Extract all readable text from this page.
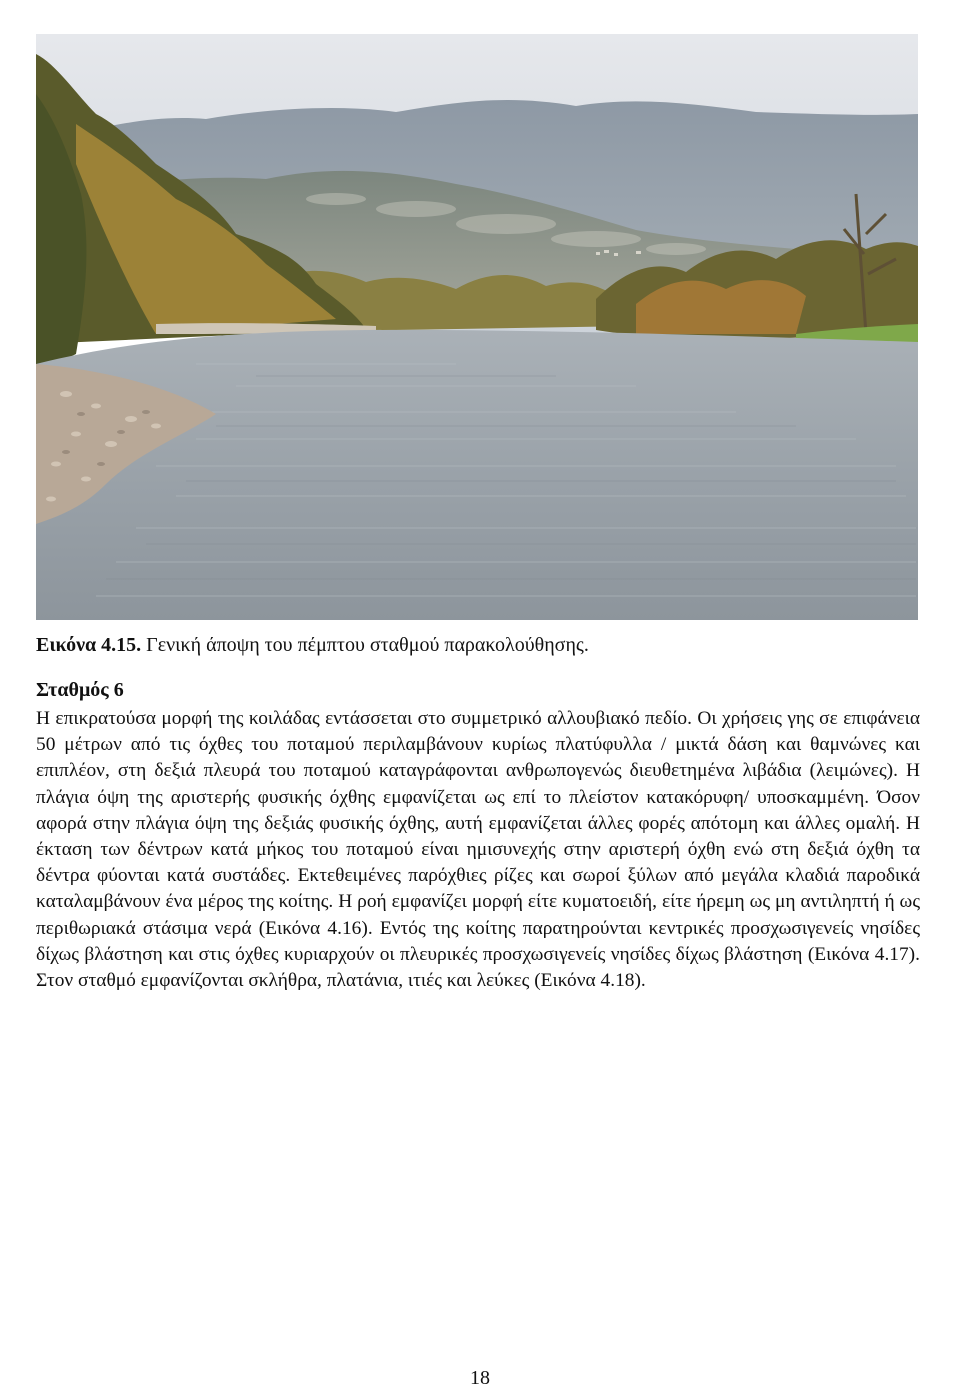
Εικόνα 4.15. Γενική άποψη του πέμπτου σταθμού παρακολούθησης.
Σταθμός 6

Η επικρατούσα μορφή της κοιλάδας εντάσσεται στο συμμετρικό αλλουβιακό πεδίο. Οι χρήσεις γης σε επιφάνεια 50 μέτρων από τις όχθες του ποταμού περιλαμβάνουν κυρίως πλατύφυλλα / μικτά δάση και θαμνώνες και επιπλέον, στη δεξιά πλευρά του ποταμού καταγράφονται ανθρωπογενώς διευθετημένα λιβάδια (λειμώνες). Η πλάγια όψη της αριστερής φυσικής όχθης εμφανίζεται ως επί το πλείστον κατακόρυφη/ υποσκαμμένη. Όσον αφορά στην πλάγια όψη της δεξιάς φυσικής όχθης, αυτή εμφανίζεται άλλες φορές απότομη και άλλες ομαλή. Η έκταση των δέντρων κατά μήκος του ποταμού είναι ημισυνεχής στην αριστερή όχθη ενώ στη δεξιά όχθη τα δέντρα φύονται κατά συστάδες. Εκτεθειμένες παρόχθιες ρίζες και σωροί ξύλων από μεγάλα κλαδιά παροδικά καταλαμβάνουν ένα μέρος της κοίτης. Η ροή εμφανίζει μορφή είτε κυματοειδή, είτε ήρεμη ως μη αντιληπτή ή ως περιθωριακά στάσιμα νερά (Εικόνα 4.16). Εντός της κοίτης παρατηρούνται κεντρικές προσχωσιγενείς νησίδες δίχως βλάστηση και στις όχθες κυριαρχούν οι πλευρικές προσχωσιγενείς νησίδες δίχως βλάστηση (Εικόνα 4.17). Στον σταθμό εμφανίζονται σκλήθρα, πλατάνια, ιτιές και λεύκες (Εικόνα 4.18).

18
